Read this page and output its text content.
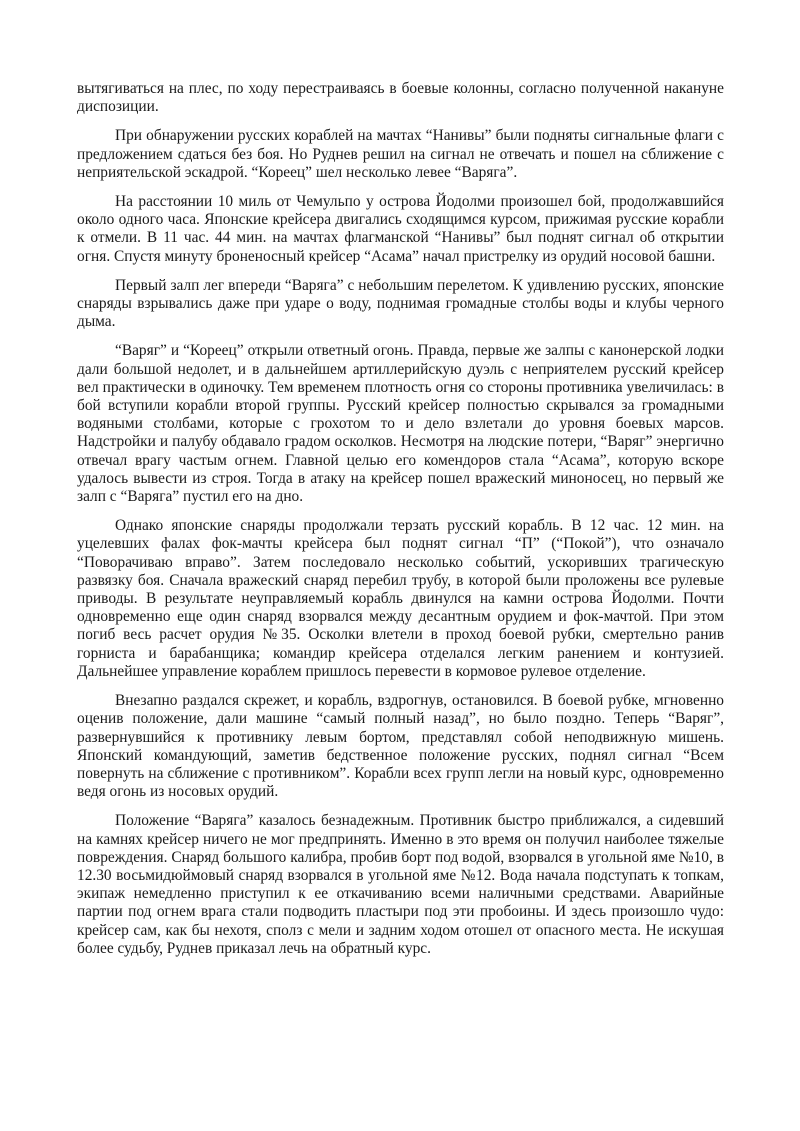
вытягиваться на плес, по ходу перестраиваясь в боевые колонны, согласно полученной накануне диспозиции.

При обнаружении русских кораблей на мачтах “Нанивы” были подняты сигнальные флаги с предложением сдаться без боя. Но Руднев решил на сигнал не отвечать и пошел на сближение с неприятельской эскадрой. “Кореец” шел несколько левее “Варяга”.

На расстоянии 10 миль от Чемульпо у острова Йодолми произошел бой, продолжавшийся около одного часа. Японские крейсера двигались сходящимся курсом, прижимая русские корабли к отмели. В 11 час. 44 мин. на мачтах флагманской “Нанивы” был поднят сигнал об открытии огня. Спустя минуту броненосный крейсер “Асама” начал пристрелку из орудий носовой башни.

Первый залп лег впереди “Варяга” с небольшим перелетом. К удивлению русских, японские снаряды взрывались даже при ударе о воду, поднимая громадные столбы воды и клубы черного дыма.

“Варяг” и “Кореец” открыли ответный огонь. Правда, первые же залпы с канонерской лодки дали большой недолет, и в дальнейшем артиллерийскую дуэль с неприятелем русский крейсер вел практически в одиночку. Тем временем плотность огня со стороны противника увеличилась: в бой вступили корабли второй группы. Русский крейсер полностью скрывался за громадными водяными столбами, которые с грохотом то и дело взлетали до уровня боевых марсов. Надстройки и палубу обдавало градом осколков. Несмотря на людские потери, “Варяг” энергично отвечал врагу частым огнем. Главной целью его комендоров стала “Асама”, которую вскоре удалось вывести из строя. Тогда в атаку на крейсер пошел вражеский миноносец, но первый же залп с “Варяга” пустил его на дно.

Однако японские снаряды продолжали терзать русский корабль. В 12 час. 12 мин. на уцелевших фалах фок-мачты крейсера был поднят сигнал “П” (“Покой”), что означало “Поворачиваю вправо”. Затем последовало несколько событий, ускоривших трагическую развязку боя. Сначала вражеский снаряд перебил трубу, в которой были проложены все рулевые приводы. В результате неуправляемый корабль двинулся на камни острова Йодолми. Почти одновременно еще один снаряд взорвался между десантным орудием и фок-мачтой. При этом погиб весь расчет орудия №35. Осколки влетели в проход боевой рубки, смертельно ранив горниста и барабанщика; командир крейсера отделался легким ранением и контузией. Дальнейшее управление кораблем пришлось перевести в кормовое рулевое отделение.

Внезапно раздался скрежет, и корабль, вздрогнув, остановился. В боевой рубке, мгновенно оценив положение, дали машине “самый полный назад”, но было поздно. Теперь “Варяг”, развернувшийся к противнику левым бортом, представлял собой неподвижную мишень. Японский командующий, заметив бедственное положение русских, поднял сигнал “Всем повернуть на сближение с противником”. Корабли всех групп легли на новый курс, одновременно ведя огонь из носовых орудий.

Положение “Варяга” казалось безнадежным. Противник быстро приближался, а сидевший на камнях крейсер ничего не мог предпринять. Именно в это время он получил наиболее тяжелые повреждения. Снаряд большого калибра, пробив борт под водой, взорвался в угольной яме №10, в 12.30 восьмидюймовый снаряд взорвался в угольной яме №12. Вода начала подступать к топкам, экипаж немедленно приступил к ее откачиванию всеми наличными средствами. Аварийные партии под огнем врага стали подводить пластыри под эти пробоины. И здесь произошло чудо: крейсер сам, как бы нехотя, сполз с мели и задним ходом отошел от опасного места. Не искушая более судьбу, Руднев приказал лечь на обратный курс.
